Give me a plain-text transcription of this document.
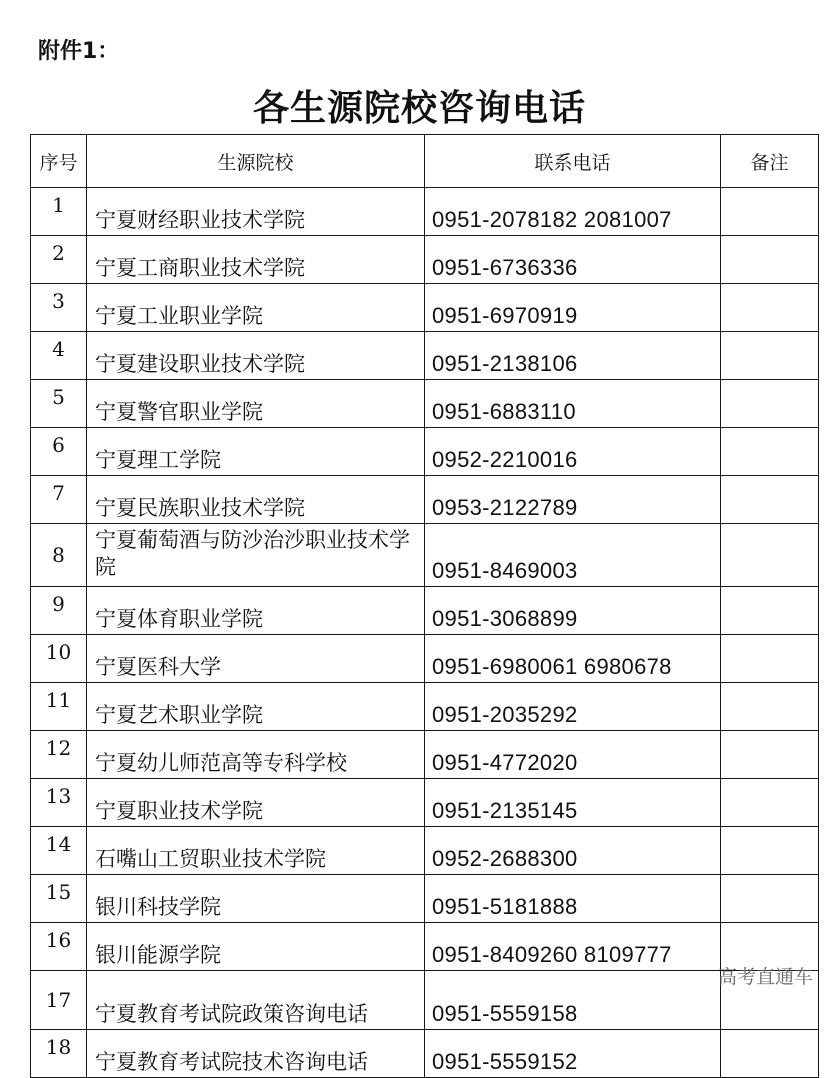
附件1：
各生源院校咨询电话
序号	生源院校	联系电话	备注
1	宁夏财经职业技术学院	0951-2078182 2081007	
2	宁夏工商职业技术学院	0951-6736336	
3	宁夏工业职业学院	0951-6970919	
4	宁夏建设职业技术学院	0951-2138106	
5	宁夏警官职业学院	0951-6883110	
6	宁夏理工学院	0952-2210016	
7	宁夏民族职业技术学院	0953-2122789	
8	宁夏葡萄酒与防沙治沙职业技术学院	0951-8469003	
9	宁夏体育职业学院	0951-3068899	
10	宁夏医科大学	0951-6980061 6980678	
11	宁夏艺术职业学院	0951-2035292	
12	宁夏幼儿师范高等专科学校	0951-4772020	
13	宁夏职业技术学院	0951-2135145	
14	石嘴山工贸职业技术学院	0952-2688300	
15	银川科技学院	0951-5181888	
16	银川能源学院	0951-8409260 8109777	
17	宁夏教育考试院政策咨询电话	0951-5559158	
18	宁夏教育考试院技术咨询电话	0951-5559152	
高考直通车
